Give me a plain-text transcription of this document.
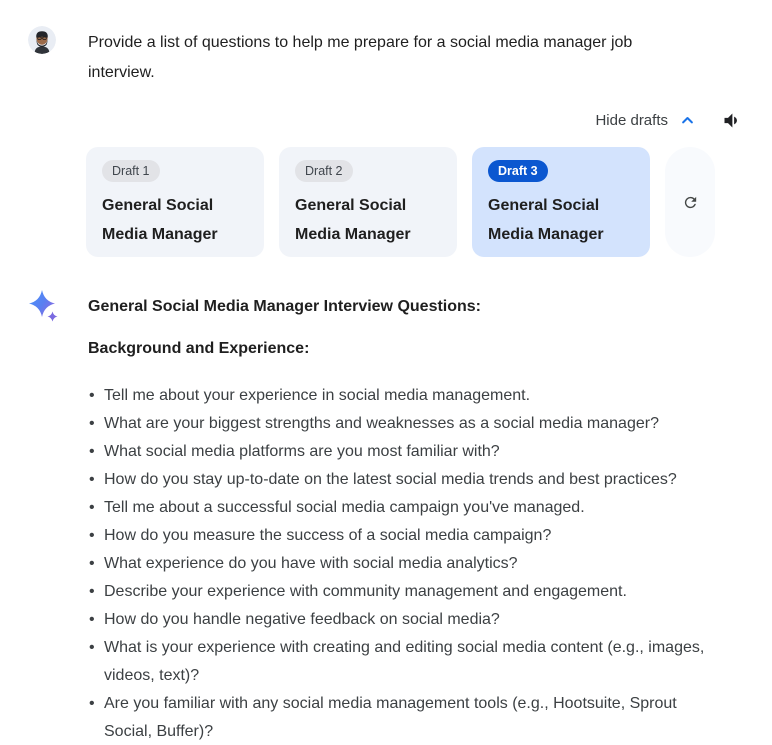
Provide a list of questions to help me prepare for a social media manager job interview.
Hide drafts
Draft 1
General Social Media Manager
Draft 2
General Social Media Manager
Draft 3
General Social Media Manager
General Social Media Manager Interview Questions:
Background and Experience:
• Tell me about your experience in social media management.
• What are your biggest strengths and weaknesses as a social media manager?
• What social media platforms are you most familiar with?
• How do you stay up-to-date on the latest social media trends and best practices?
• Tell me about a successful social media campaign you've managed.
• How do you measure the success of a social media campaign?
• What experience do you have with social media analytics?
• Describe your experience with community management and engagement.
• How do you handle negative feedback on social media?
• What is your experience with creating and editing social media content (e.g., images, videos, text)?
• Are you familiar with any social media management tools (e.g., Hootsuite, Sprout Social, Buffer)?
